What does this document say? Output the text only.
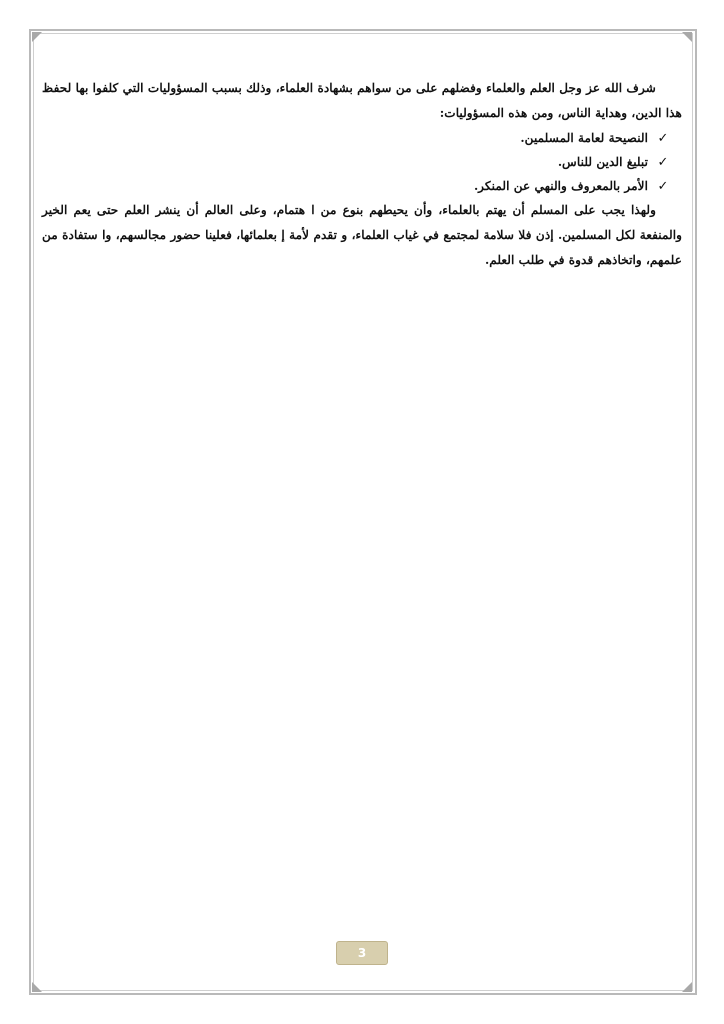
شرف الله عز وجل العلم والعلماء وفضلهم على من سواهم بشهادة العلماء، وذلك بسبب المسؤوليات التي كلفوا بها لحفظ هذا الدين، وهداية الناس، ومن هذه المسؤوليات:

✓
النصيحة لعامة المسلمين.
✓
تبليغ الدين للناس.
✓
الأمر بالمعروف والنهي عن المنكر.

ولهذا يجب على المسلم أن يهتم بالعلماء، وأن يحيطهم بنوع من ا هتمام، وعلى العالم أن ينشر العلم حتى يعم الخير والمنفعة لكل المسلمين. إذن فلا سلامة لمجتمع في غياب العلماء، و تقدم لأمة إ بعلمائها، فعلينا حضور مجالسهم، وا ستفادة من علمهم، واتخاذهم قدوة في طلب العلم.

3
